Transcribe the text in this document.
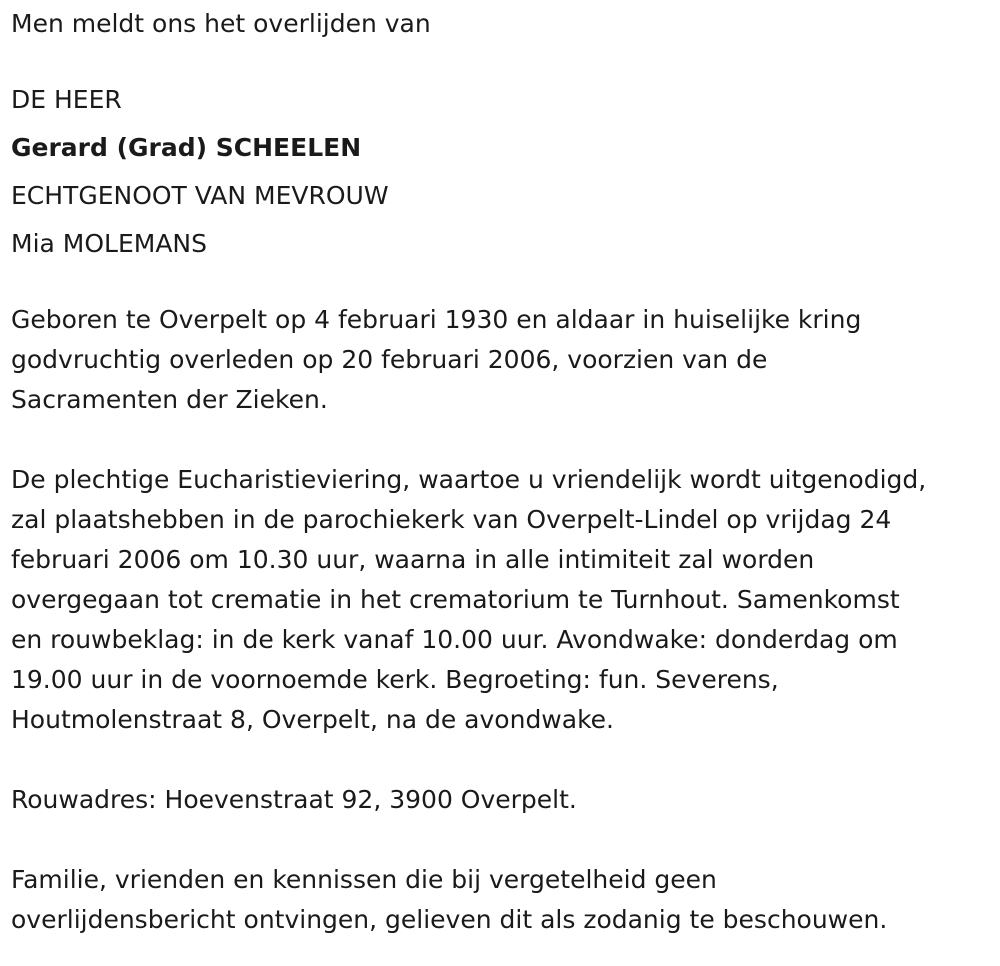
Men meldt ons het overlijden van

DE HEER

Gerard (Grad) SCHEELEN

ECHTGENOOT VAN MEVROUW

Mia MOLEMANS

Geboren te Overpelt op 4 februari 1930 en aldaar in huiselijke kring

godvruchtig overleden op 20 februari 2006, voorzien van de

Sacramenten der Zieken.

De plechtige Eucharistieviering, waartoe u vriendelijk wordt uitgenodigd,

zal plaatshebben in de parochiekerk van Overpelt-Lindel op vrijdag 24

februari 2006 om 10.30 uur, waarna in alle intimiteit zal worden

overgegaan tot crematie in het crematorium te Turnhout. Samenkomst

en rouwbeklag: in de kerk vanaf 10.00 uur. Avondwake: donderdag om

19.00 uur in de voornoemde kerk. Begroeting: fun. Severens,

Houtmolenstraat 8, Overpelt, na de avondwake.

Rouwadres: Hoevenstraat 92, 3900 Overpelt.

Familie, vrienden en kennissen die bij vergetelheid geen

overlijdensbericht ontvingen, gelieven dit als zodanig te beschouwen.
